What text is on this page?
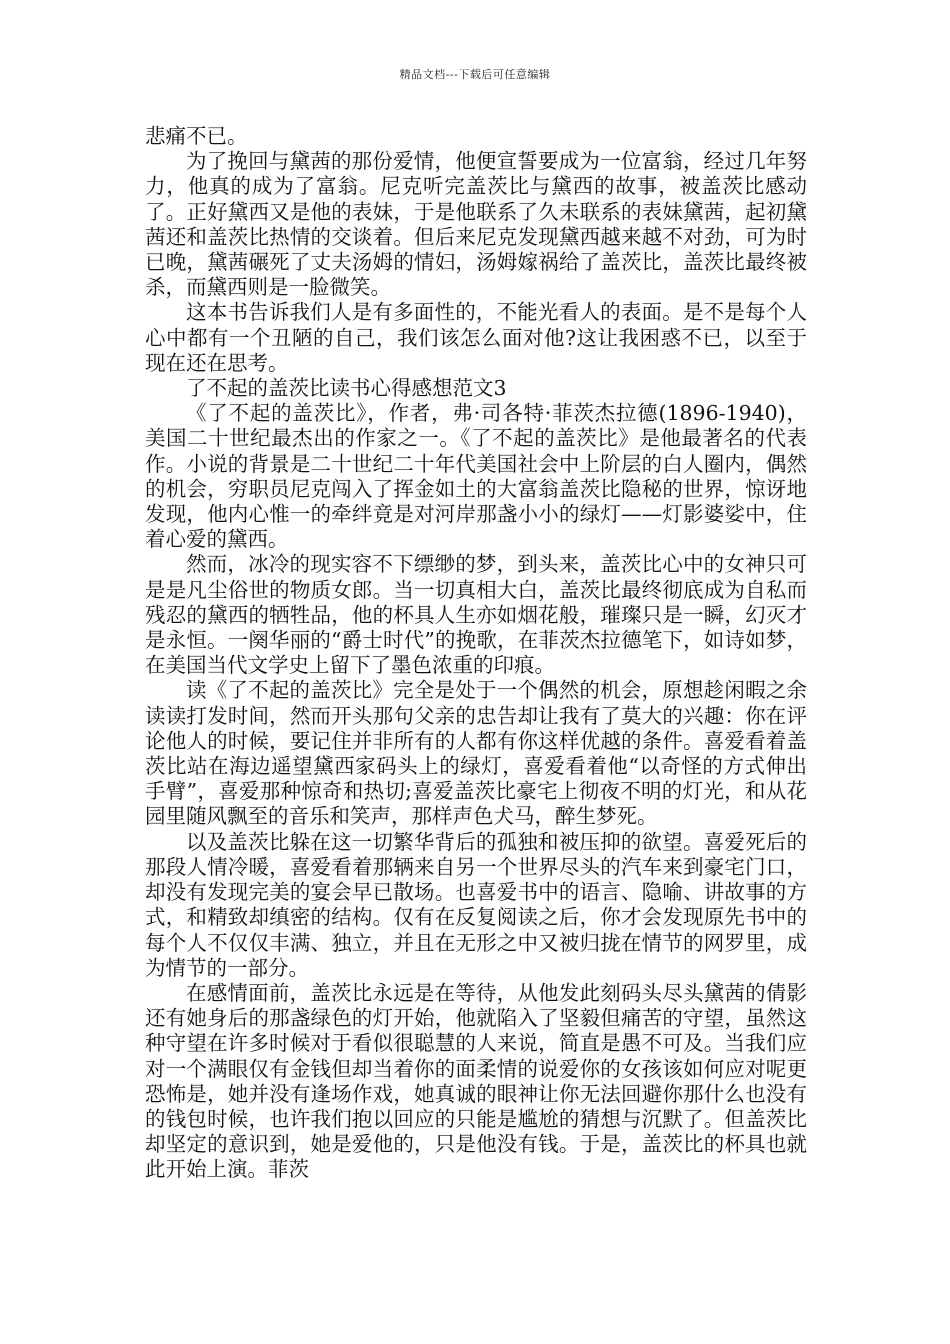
精品文档---下载后可任意编辑

悲痛不已。

为了挽回与黛茜的那份爱情，他便宣誓要成为一位富翁，经过几年努力，他真的成为了富翁。尼克听完盖茨比与黛西的故事，被盖茨比感动了。正好黛西又是他的表妹，于是他联系了久未联系的表妹黛茜，起初黛茜还和盖茨比热情的交谈着。但后来尼克发现黛西越来越不对劲，可为时已晚，黛茜碾死了丈夫汤姆的情妇，汤姆嫁祸给了盖茨比，盖茨比最终被杀，而黛西则是一脸微笑。

这本书告诉我们人是有多面性的，不能光看人的表面。是不是每个人心中都有一个丑陋的自己，我们该怎么面对他?这让我困惑不已，以至于现在还在思考。

了不起的盖茨比读书心得感想范文3

《了不起的盖茨比》，作者，弗·司各特·菲茨杰拉德(1896-1940)，美国二十世纪最杰出的作家之一。《了不起的盖茨比》是他最著名的代表作。小说的背景是二十世纪二十年代美国社会中上阶层的白人圈内，偶然的机会，穷职员尼克闯入了挥金如土的大富翁盖茨比隐秘的世界，惊讶地发现，他内心惟一的牵绊竟是对河岸那盏小小的绿灯——灯影婆娑中，住着心爱的黛西。

然而，冰冷的现实容不下缥缈的梦，到头来，盖茨比心中的女神只可是是凡尘俗世的物质女郎。当一切真相大白，盖茨比最终彻底成为自私而残忍的黛西的牺牲品，他的杯具人生亦如烟花般，璀璨只是一瞬，幻灭才是永恒。一阕华丽的“爵士时代”的挽歌，在菲茨杰拉德笔下，如诗如梦，在美国当代文学史上留下了墨色浓重的印痕。

读《了不起的盖茨比》完全是处于一个偶然的机会，原想趁闲暇之余读读打发时间，然而开头那句父亲的忠告却让我有了莫大的兴趣：你在评论他人的时候，要记住并非所有的人都有你这样优越的条件。喜爱看着盖茨比站在海边遥望黛西家码头上的绿灯，喜爱看着他“以奇怪的方式伸出手臂”，喜爱那种惊奇和热切;喜爱盖茨比豪宅上彻夜不明的灯光，和从花园里随风飘至的音乐和笑声，那样声色犬马，醉生梦死。

以及盖茨比躲在这一切繁华背后的孤独和被压抑的欲望。喜爱死后的那段人情冷暖，喜爱看着那辆来自另一个世界尽头的汽车来到豪宅门口，却没有发现完美的宴会早已散场。也喜爱书中的语言、隐喻、讲故事的方式，和精致却缜密的结构。仅有在反复阅读之后，你才会发现原先书中的每个人不仅仅丰满、独立，并且在无形之中又被归拢在情节的网罗里，成为情节的一部分。

在感情面前，盖茨比永远是在等待，从他发此刻码头尽头黛茜的倩影还有她身后的那盏绿色的灯开始，他就陷入了坚毅但痛苦的守望，虽然这种守望在许多时候对于看似很聪慧的人来说，简直是愚不可及。当我们应对一个满眼仅有金钱但却当着你的面柔情的说爱你的女孩该如何应对呢更恐怖是，她并没有逢场作戏，她真诚的眼神让你无法回避你那什么也没有的钱包时候，也许我们抱以回应的只能是尴尬的猜想与沉默了。但盖茨比却坚定的意识到，她是爱他的，只是他没有钱。于是，盖茨比的杯具也就此开始上演。菲茨
